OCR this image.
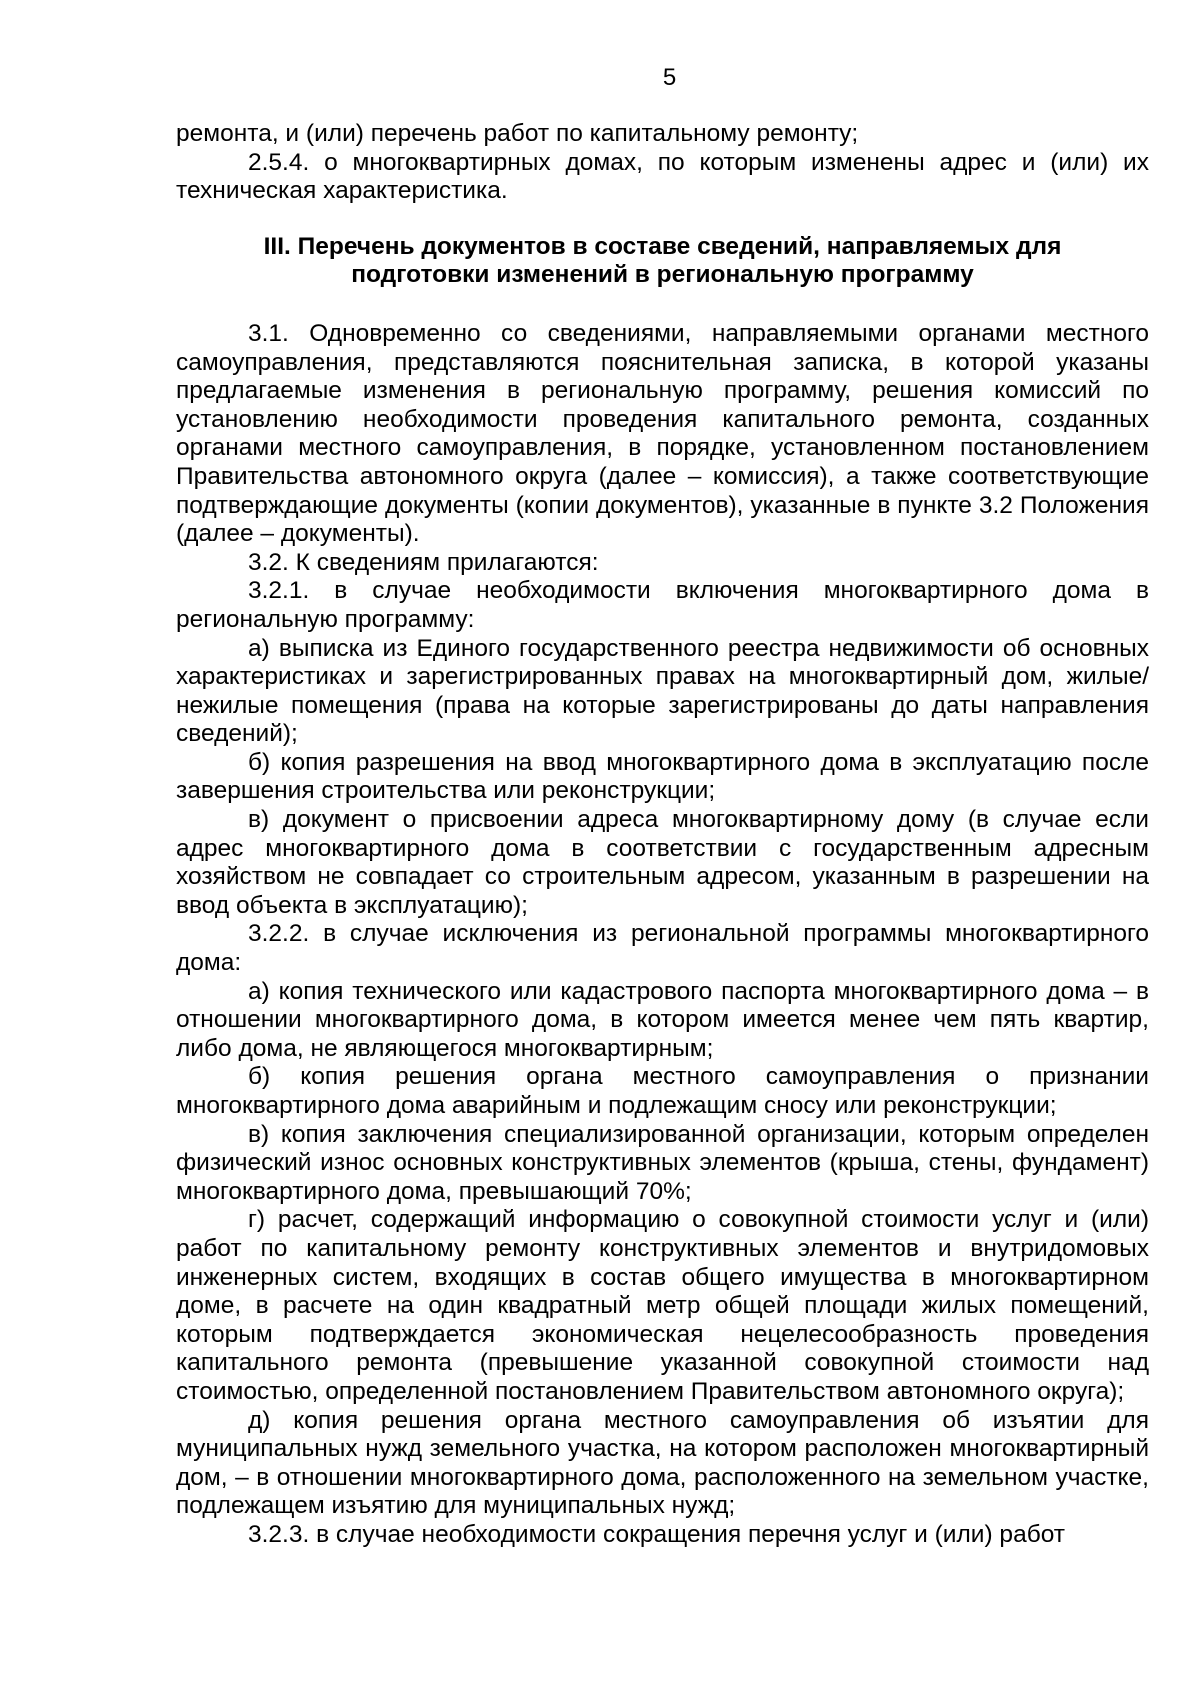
5

ремонта, и (или) перечень работ по капитальному ремонту;

2.5.4. о многоквартирных домах, по которым изменены адрес и (или) их техническая характеристика.

III. Перечень документов в составе сведений, направляемых для
подготовки изменений в региональную программу

3.1. Одновременно со сведениями, направляемыми органами местного самоуправления, представляются пояснительная записка, в которой указаны предлагаемые изменения в региональную программу, решения комиссий по установлению необходимости проведения капитального ремонта, созданных органами местного самоуправления, в порядке, установленном постановлением Правительства автономного округа (далее – комиссия), а также соответствующие подтверждающие документы (копии документов), указанные в пункте 3.2 Положения (далее – документы).

3.2. К сведениям прилагаются:

3.2.1. в случае необходимости включения многоквартирного дома в региональную программу:

а) выписка из Единого государственного реестра недвижимости об основных характеристиках и зарегистрированных правах на многоквартирный дом, жилые/нежилые помещения (права на которые зарегистрированы до даты направления сведений);

б) копия разрешения на ввод многоквартирного дома в эксплуатацию после завершения строительства или реконструкции;

в) документ о присвоении адреса многоквартирному дому (в случае если адрес многоквартирного дома в соответствии с государственным адресным хозяйством не совпадает со строительным адресом, указанным в разрешении на ввод объекта в эксплуатацию);

3.2.2. в случае исключения из региональной программы многоквартирного дома:

а) копия технического или кадастрового паспорта многоквартирного дома – в отношении многоквартирного дома, в котором имеется менее чем пять квартир, либо дома, не являющегося многоквартирным;

б) копия решения органа местного самоуправления о признании многоквартирного дома аварийным и подлежащим сносу или реконструкции;

в) копия заключения специализированной организации, которым определен физический износ основных конструктивных элементов (крыша, стены, фундамент) многоквартирного дома, превышающий 70%;

г) расчет, содержащий информацию о совокупной стоимости услуг и (или) работ по капитальному ремонту конструктивных элементов и внутридомовых инженерных систем, входящих в состав общего имущества в многоквартирном доме, в расчете на один квадратный метр общей площади жилых помещений, которым подтверждается экономическая нецелесообразность проведения капитального ремонта (превышение указанной совокупной стоимости над стоимостью, определенной постановлением Правительством автономного округа);

д) копия решения органа местного самоуправления об изъятии для муниципальных нужд земельного участка, на котором расположен многоквартирный дом, – в отношении многоквартирного дома, расположенного на земельном участке, подлежащем изъятию для муниципальных нужд;

3.2.3. в случае необходимости сокращения перечня услуг и (или) работ
